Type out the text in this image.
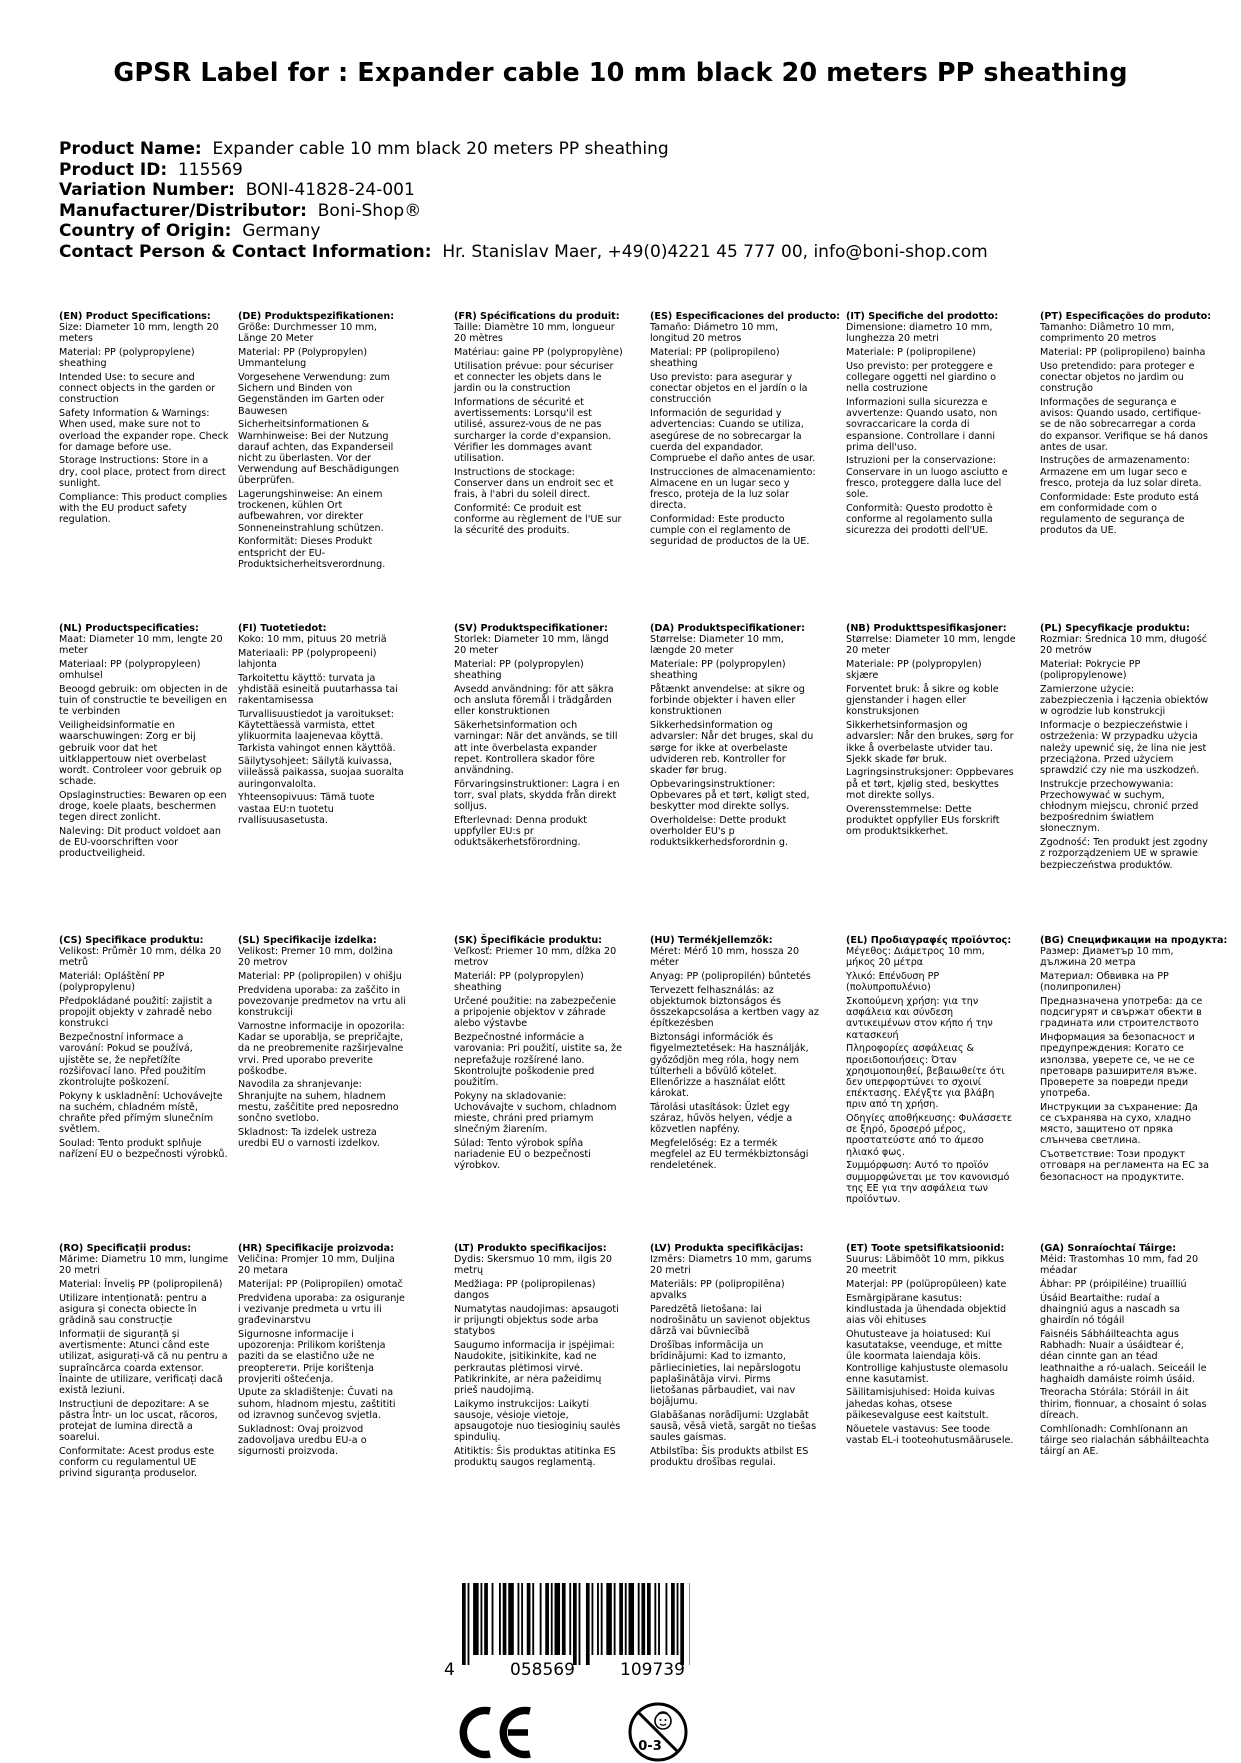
GPSR Label for : Expander cable 10 mm black 20 meters PP sheathing
Product Name: Expander cable 10 mm black 20 meters PP sheathing
Product ID: 115569
Variation Number: BONI-41828-24-001
Manufacturer/Distributor: Boni-Shop®
Country of Origin: Germany
Contact Person & Contact Information: Hr. Stanislav Maer, +49(0)4221 45 777 00, info@boni-shop.com
(EN) Product Specifications:

Size: Diameter 10 mm, length 20 meters

Material: PP (polypropylene) sheathing

Intended Use: to secure and connect objects in the garden or construction

Safety Information & Warnings: When used, make sure not to overload the expander rope. Check for damage before use.

Storage Instructions: Store in a dry, cool place, protect from direct sunlight.

Compliance: This product complies with the EU product safety regulation.

(DE) Produktspezifikationen:

Größe: Durchmesser 10 mm, Länge 20 Meter

Material: PP (Polypropylen) Ummantelung

Vorgesehene Verwendung: zum Sichern und Binden von Gegenständen im Garten oder Bauwesen

Sicherheitsinformationen & Warnhinweise: Bei der Nutzung darauf achten, das Expanderseil nicht zu überlasten. Vor der Verwendung auf Beschädigungen überprüfen.

Lagerungshinweise: An einem trockenen, kühlen Ort aufbewahren, vor direkter Sonneneinstrahlung schützen.

Konformität: Dieses Produkt entspricht der EU-Produktsicherheitsverordnung.

(FR) Spécifications du produit:

Taille: Diamètre 10 mm, longueur 20 mètres

Matériau: gaine PP (polypropylène)

Utilisation prévue: pour sécuriser et connecter les objets dans le jardin ou la construction

Informations de sécurité et avertissements: Lorsqu'il est utilisé, assurez-vous de ne pas surcharger la corde d'expansion. Vérifier les dommages avant utilisation.

Instructions de stockage: Conserver dans un endroit sec et frais, à l'abri du soleil direct.

Conformité: Ce produit est conforme au règlement de l'UE sur la sécurité des produits.

(ES) Especificaciones del producto:

Tamaño: Diámetro 10 mm, longitud 20 metros

Material: PP (polipropileno) sheathing

Uso previsto: para asegurar y conectar objetos en el jardín o la construcción

Información de seguridad y advertencias: Cuando se utiliza, asegúrese de no sobrecargar la cuerda del expandador. Compruebe el daño antes de usar.

Instrucciones de almacenamiento: Almacene en un lugar seco y fresco, proteja de la luz solar directa.

Conformidad: Este producto cumple con el reglamento de seguridad de productos de la UE.

(IT) Specifiche del prodotto:

Dimensione: diametro 10 mm, lunghezza 20 metri

Materiale: P (polipropilene)

Uso previsto: per proteggere e collegare oggetti nel giardino o nella costruzione

Informazioni sulla sicurezza e avvertenze: Quando usato, non sovraccaricare la corda di espansione. Controllare i danni prima dell'uso.

Istruzioni per la conservazione: Conservare in un luogo asciutto e fresco, proteggere dalla luce del sole.

Conformità: Questo prodotto è conforme al regolamento sulla sicurezza dei prodotti dell'UE.

(PT) Especificações do produto:

Tamanho: Diâmetro 10 mm, comprimento 20 metros

Material: PP (polipropileno) bainha

Uso pretendido: para proteger e conectar objetos no jardim ou construção

Informações de segurança e avisos: Quando usado, certifique-se de não sobrecarregar a corda do expansor. Verifique se há danos antes de usar.

Instruções de armazenamento: Armazene em um lugar seco e fresco, proteja da luz solar direta.

Conformidade: Este produto está em conformidade com o regulamento de segurança de produtos da UE.

(NL) Productspecificaties:

Maat: Diameter 10 mm, lengte 20 meter

Materiaal: PP (polypropyleen) omhulsel

Beoogd gebruik: om objecten in de tuin of constructie te beveiligen en te verbinden

Veiligheidsinformatie en waarschuwingen: Zorg er bij gebruik voor dat het uitklappertouw niet overbelast wordt. Controleer voor gebruik op schade.

Opslaginstructies: Bewaren op een droge, koele plaats, beschermen tegen direct zonlicht.

Naleving: Dit product voldoet aan de EU-voorschriften voor productveiligheid.

(FI) Tuotetiedot:

Koko: 10 mm, pituus 20 metriä

Materiaali: PP (polypropeeni) lahjonta

Tarkoitettu käyttö: turvata ja yhdistää esineitä puutarhassa tai rakentamisessa

Turvallisuustiedot ja varoitukset: Käytettäessä varmista, ettet ylikuormita laajenevaa köyttä. Tarkista vahingot ennen käyttöä.

Säilytysohjeet: Säilytä kuivassa, viileässä paikassa, suojaa suoralta auringonvalolta.

Yhteensopivuus: Tämä tuote vastaa EU:n tuotetu rvallisuusasetusta.

(SV) Produktspecifikationer:

Storlek: Diameter 10 mm, längd 20 meter

Material: PP (polypropylen) sheathing

Avsedd användning: för att säkra och ansluta föremål i trädgården eller konstruktionen

Säkerhetsinformation och varningar: När det används, se till att inte överbelasta expander repet. Kontrollera skador före användning.

Förvaringsinstruktioner: Lagra i en torr, sval plats, skydda från direkt solljus.

Efterlevnad: Denna produkt uppfyller EU:s pr oduktsäkerhetsförordning.

(DA) Produktspecifikationer:

Størrelse: Diameter 10 mm, længde 20 meter

Materiale: PP (polypropylen) sheathing

Påtænkt anvendelse: at sikre og forbinde objekter i haven eller konstruktionen

Sikkerhedsinformation og advarsler: Når det bruges, skal du sørge for ikke at overbelaste udvideren reb. Kontroller for skader før brug.

Opbevaringsinstruktioner: Opbevares på et tørt, køligt sted, beskytter mod direkte sollys.

Overholdelse: Dette produkt overholder EU's p roduktsikkerhedsforordnin g.

(NB) Produkttspesifikasjoner:

Størrelse: Diameter 10 mm, lengde 20 meter

Materiale: PP (polypropylen) skjære

Forventet bruk: å sikre og koble gjenstander i hagen eller konstruksjonen

Sikkerhetsinformasjon og advarsler: Når den brukes, sørg for ikke å overbelaste utvider tau. Sjekk skade før bruk.

Lagringsinstruksjoner: Oppbevares på et tørt, kjølig sted, beskyttes mot direkte sollys.

Overensstemmelse: Dette produktet oppfyller EUs forskrift om produktsikkerhet.

(PL) Specyfikacje produktu:

Rozmiar: Średnica 10 mm, długość 20 metrów

Materiał: Pokrycie PP (polipropylenowe)

Zamierzone użycie: zabezpieczenia i łączenia obiektów w ogrodzie lub konstrukcji

Informacje o bezpieczeństwie i ostrzeżenia: W przypadku użycia należy upewnić się, że lina nie jest przeciążona. Przed użyciem sprawdzić czy nie ma uszkodzeń.

Instrukcje przechowywania: Przechowywać w suchym, chłodnym miejscu, chronić przed bezpośrednim światłem słonecznym.

Zgodność: Ten produkt jest zgodny z rozporządzeniem UE w sprawie bezpieczeństwa produktów.

(CS) Specifikace produktu:

Velikost: Průměr 10 mm, délka 20 metrů

Materiál: Opláštění PP (polypropylenu)

Předpokládané použití: zajistit a propojit objekty v zahradě nebo konstrukci

Bezpečnostní informace a varování: Pokud se používá, ujistěte se, že nepřetížíte rozšiřovací lano. Před použitím zkontrolujte poškození.

Pokyny k uskladnění: Uchovávejte na suchém, chladném místě, chraňte před přímým slunečním světlem.

Soulad: Tento produkt splňuje nařízení EU o bezpečnosti výrobků.

(SL) Specifikacije izdelka:

Velikost: Premer 10 mm, dolžina 20 metrov

Material: PP (polipropilen) v ohišju

Predvidena uporaba: za zaščito in povezovanje predmetov na vrtu ali konstrukciji

Varnostne informacije in opozorila: Kadar se uporablja, se prepričajte, da ne preobremenite razširjevalne vrvi. Pred uporabo preverite poškodbe.

Navodila za shranjevanje: Shranjujte na suhem, hladnem mestu, zaščitite pred neposredno sončno svetlobo.

Skladnost: Ta izdelek ustreza uredbi EU o varnosti izdelkov.

(SK) Špecifikácie produktu:

Veľkosť: Priemer 10 mm, dĺžka 20 metrov

Materiál: PP (polypropylen) sheathing

Určené použitie: na zabezpečenie a pripojenie objektov v záhrade alebo výstavbe

Bezpečnostné informácie a varovania: Pri použití, uistite sa, že nepreťažuje rozšírené lano. Skontrolujte poškodenie pred použitím.

Pokyny na skladovanie: Uchovávajte v suchom, chladnom mieste, chráni pred priamym slnečným žiarením.

Súlad: Tento výrobok spĺňa nariadenie EÚ o bezpečnosti výrobkov.

(HU) Termékjellemzők:

Méret: Mérő 10 mm, hossza 20 méter

Anyag: PP (polipropilén) bűntetés

Tervezett felhasználás: az objektumok biztonságos és összekapcsolása a kertben vagy az építkezésben

Biztonsági információk és figyelmeztetések: Ha használják, győződjön meg róla, hogy nem túlterheli a bővülő kötelet. Ellenőrizze a használat előtt károkat.

Tárolási utasítások: Üzlet egy száraz, hűvös helyen, védje a közvetlen napfény.

Megfelelőség: Ez a termék megfelel az EU termékbiztonsági rendeletének.

(EL) Προδιαγραφές προϊόντος:

Μέγεθος: Διάμετρος 10 mm, μήκος 20 μέτρα

Υλικό: Επένδυση PP (πολυπροπυλένιο)

Σκοπούμενη χρήση: για την ασφάλεια και σύνδεση αντικειμένων στον κήπο ή την κατασκευή

Πληροφορίες ασφάλειας & προειδοποιήσεις: Όταν χρησιμοποιηθεί, βεβαιωθείτε ότι δεν υπερφορτώνει το σχοινί επέκτασης. Ελέγξτε για βλάβη πριν από τη χρήση.

Οδηγίες αποθήκευσης: Φυλάσσετε σε ξηρό, δροσερό μέρος, προστατεύστε από το άμεσο ηλιακό φως.

Συμμόρφωση: Αυτό το προϊόν συμμορφώνεται με τον κανονισμό της ΕΕ για την ασφάλεια των προϊόντων.

(BG) Спецификации на продукта:

Размер: Диаметър 10 mm, дължина 20 метра

Материал: Обвивка на PP (полипропилен)

Предназначена употреба: да се подсигурят и свържат обекти в градината или строителството

Информация за безопасност и предупреждения: Когато се използва, уверете се, че не се претоварв разширителя въже. Проверете за повреди преди употреба.

Инструкции за съхранение: Да се съхранява на сухо, хладно място, защитено от пряка слънчева светлина.

Съответствие: Този продукт отговаря на регламента на ЕС за безопасност на продуктите.

(RO) Specificații produs:

Mărime: Diametru 10 mm, lungime 20 metri

Material: Înveliș PP (polipropilenă)

Utilizare intenționată: pentru a asigura și conecta obiecte în grădină sau construcție

Informații de siguranță și avertismente: Atunci când este utilizat, asigurați-vă că nu pentru a supraîncărca coarda extensor. Înainte de utilizare, verificați dacă există leziuni.

Instrucțiuni de depozitare: A se păstra într- un loc uscat, răcoros, protejat de lumina directă a soarelui.

Conformitate: Acest produs este conform cu regulamentul UE privind siguranța produselor.

(HR) Specifikacije proizvoda:

Veličina: Promjer 10 mm, Duljina 20 metara

Materijal: PP (Polipropilen) omotač

Predviđena uporaba: za osiguranje i vezivanje predmeta u vrtu ili građevinarstvu

Sigurnosne informacije i upozorenja: Prilikom korištenja paziti da se elastično uže ne preopterети. Prije korištenja provjeriti oštećenja.

Upute za skladištenje: Čuvati na suhom, hladnom mjestu, zaštititi od izravnog sunčevog svjetla.

Sukladnost: Ovaj proizvod zadovoljava uredbu EU-a o sigurnosti proizvoda.

(LT) Produkto specifikacijos:

Dydis: Skersmuo 10 mm, ilgis 20 metrų

Medžiaga: PP (polipropilenas) dangos

Numatytas naudojimas: apsaugoti ir prijungti objektus sode arba statybos

Saugumo informacija ir įspėjimai: Naudokite, įsitikinkite, kad ne perkrautas plėtimosi virvė. Patikrinkite, ar nėra pažeidimų prieš naudojimą.

Laikymo instrukcijos: Laikyti sausoje, vėsioje vietoje, apsaugotoje nuo tiesioginių saulės spindulių.

Atitiktis: Šis produktas atitinka ES produktų saugos reglamentą.

(LV) Produkta specifikācijas:

Izmērs: Diametrs 10 mm, garums 20 metri

Materiāls: PP (polipropilēna) apvalks

Paredzētā lietošana: lai nodrošinātu un savienot objektus dārzā vai būvniecībā

Drošības informācija un brīdinājumi: Kad to izmanto, pārliecinieties, lai nepārslogotu paplašinātāja virvi. Pirms lietošanas pārbaudiet, vai nav bojājumu.

Glabāšanas norādījumi: Uzglabāt sausā, vēsā vietā, sargāt no tiešas saules gaismas.

Atbilstība: Šis produkts atbilst ES produktu drošības regulai.

(ET) Toote spetsifikatsioonid:

Suurus: Läbimõõt 10 mm, pikkus 20 meetrit

Materjal: PP (polüpropüleen) kate

Esmärgipärane kasutus: kindlustada ja ühendada objektid aias või ehituses

Ohutusteave ja hoiatused: Kui kasutatakse, veenduge, et mitte üle koormata laiendaja köis. Kontrollige kahjustuste olemasolu enne kasutamist.

Säilitamisjuhised: Hoida kuivas jahedas kohas, otsese päikesevalguse eest kaitstult.

Nõuetele vastavus: See toode vastab EL-i tooteohutusmäärusele.

(GA) Sonraíochtaí Táirge:

Méid: Trastomhas 10 mm, fad 20 méadar

Ábhar: PP (próipiléine) truailliú

Úsáid Beartaithe: rudaí a dhaingniú agus a nascadh sa ghairdín nó tógáil

Faisnéis Sábháilteachta agus Rabhadh: Nuair a úsáidtear é, déan cinnte gan an téad leathnaithe a ró-ualach. Seiceáil le haghaidh damáiste roimh úsáid.

Treoracha Stórála: Stóráil in áit thirim, fionnuar, a chosaint ó solas díreach.

Comhlíonadh: Comhlíonann an táirge seo rialachán sábháilteachta táirgí an AE.

4	058569	109739
0-3
